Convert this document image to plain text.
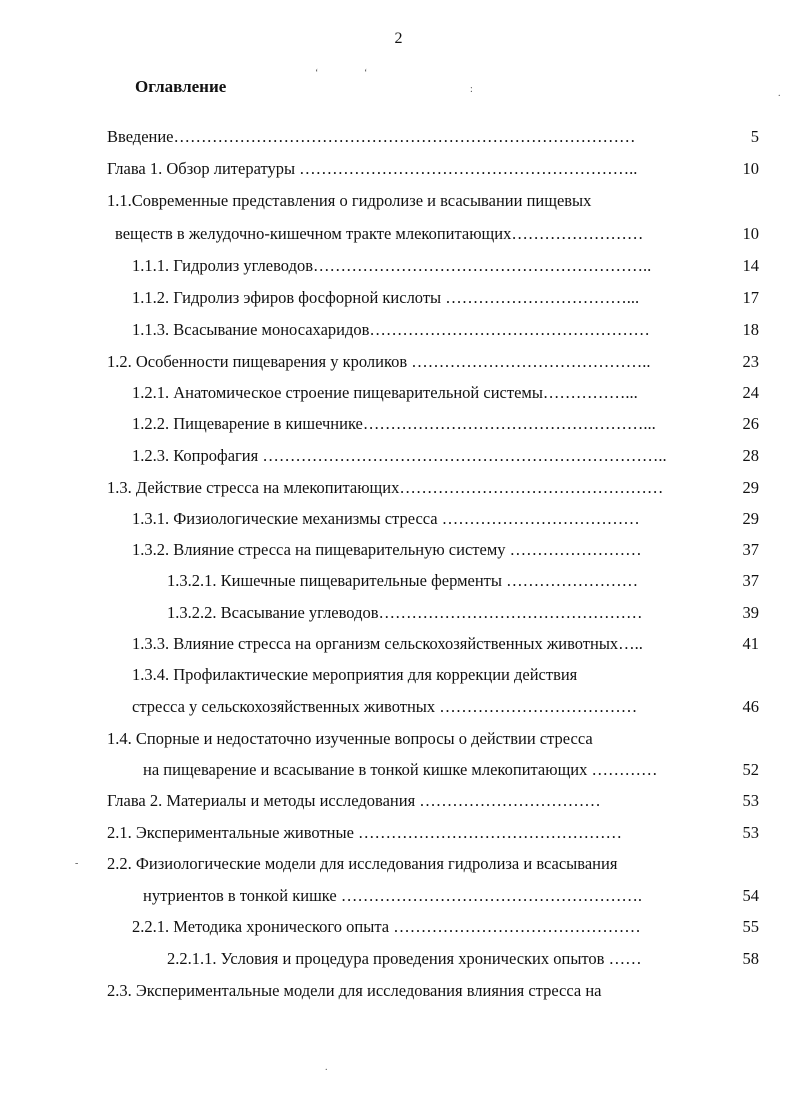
2
Оглавление
‘	‘
:	.
-
.
Введение…………………………………………………………………………	5
Глава 1. Обзор литературы ……………………………………………………..	10
1.1.Современные представления о гидролизе и всасывании пищевых
веществ в желудочно-кишечном тракте млекопитающих……………………	10
1.1.1. Гидролиз углеводов……………………………………………………..	14
1.1.2. Гидролиз эфиров фосфорной кислоты ……………………………...	17
1.1.3. Всасывание моносахаридов……………………………………………	18
1.2. Особенности пищеварения у кроликов ……………………………………..	23
1.2.1. Анатомическое строение пищеварительной системы……………...	24
1.2.2. Пищеварение в кишечнике……………………………………………...	26
1.2.3. Копрофагия ………………………………………………………………..	28
1.3. Действие стресса на млекопитающих…………………………………………	29
1.3.1. Физиологические механизмы стресса ………………………………	29
1.3.2. Влияние стресса на пищеварительную систему ……………………	37
1.3.2.1. Кишечные пищеварительные ферменты ……………………	37
1.3.2.2. Всасывание углеводов…………………………………………	39
1.3.3. Влияние стресса на организм сельскохозяйственных животных…..	41
1.3.4. Профилактические мероприятия для коррекции действия
стресса у сельскохозяйственных животных ………………………………	46
1.4. Спорные и недостаточно изученные вопросы о действии стресса
на пищеварение и всасывание в тонкой кишке млекопитающих …………	52
Глава 2. Материалы и методы исследования ……………………………	53
2.1. Экспериментальные животные …………………………………………	53
2.2. Физиологические модели для исследования гидролиза и всасывания
нутриентов в тонкой кишке ……………………………………………….	54
2.2.1. Методика хронического опыта ………………………………………	55
2.2.1.1. Условия и процедура проведения хронических опытов ……	58
2.3. Экспериментальные модели для исследования влияния стресса на
